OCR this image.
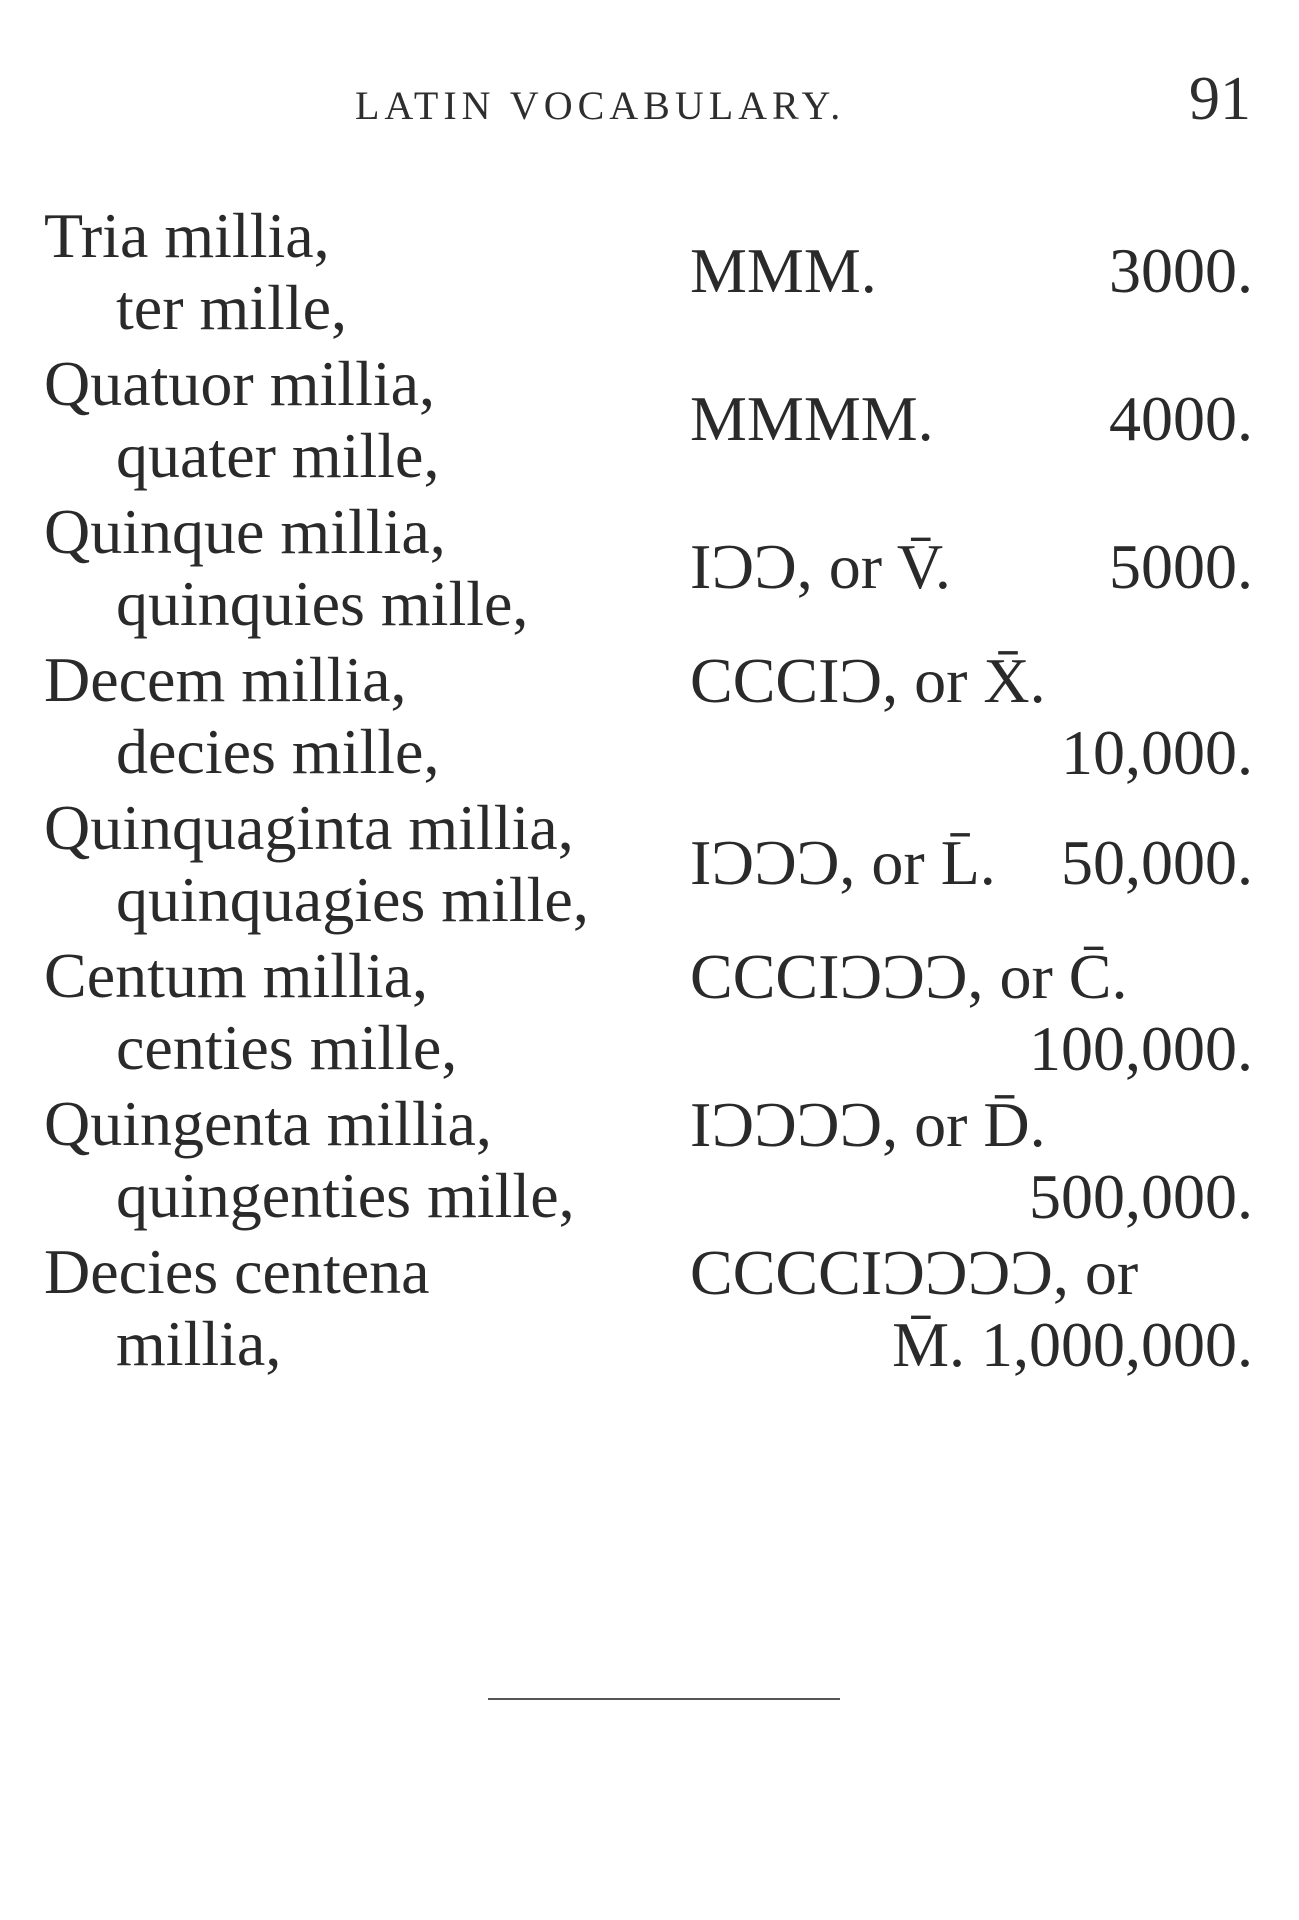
LATIN VOCABULARY.	91
Tria millia,
ter mille,
MMM.	3000.
Quatuor millia,
quater mille,
MMMM.	4000.
Quinque millia,
quinquies mille,
IƆƆ, or V̄. 5000.
Decem millia,
decies mille,
CCCIƆ, or X̄.
10,000.
Quinquaginta millia,
quinquagies mille,
IƆƆƆ, or L̄. 50,000.
Centum millia,
centies mille,
CCCIƆƆƆ, or C̄.
100,000.
Quingenta millia,
quingenties mille,
IƆƆƆƆ, or D̄.
500,000.
Decies centena
millia,
CCCCIƆƆƆƆ, or
M̄. 1,000,000.
